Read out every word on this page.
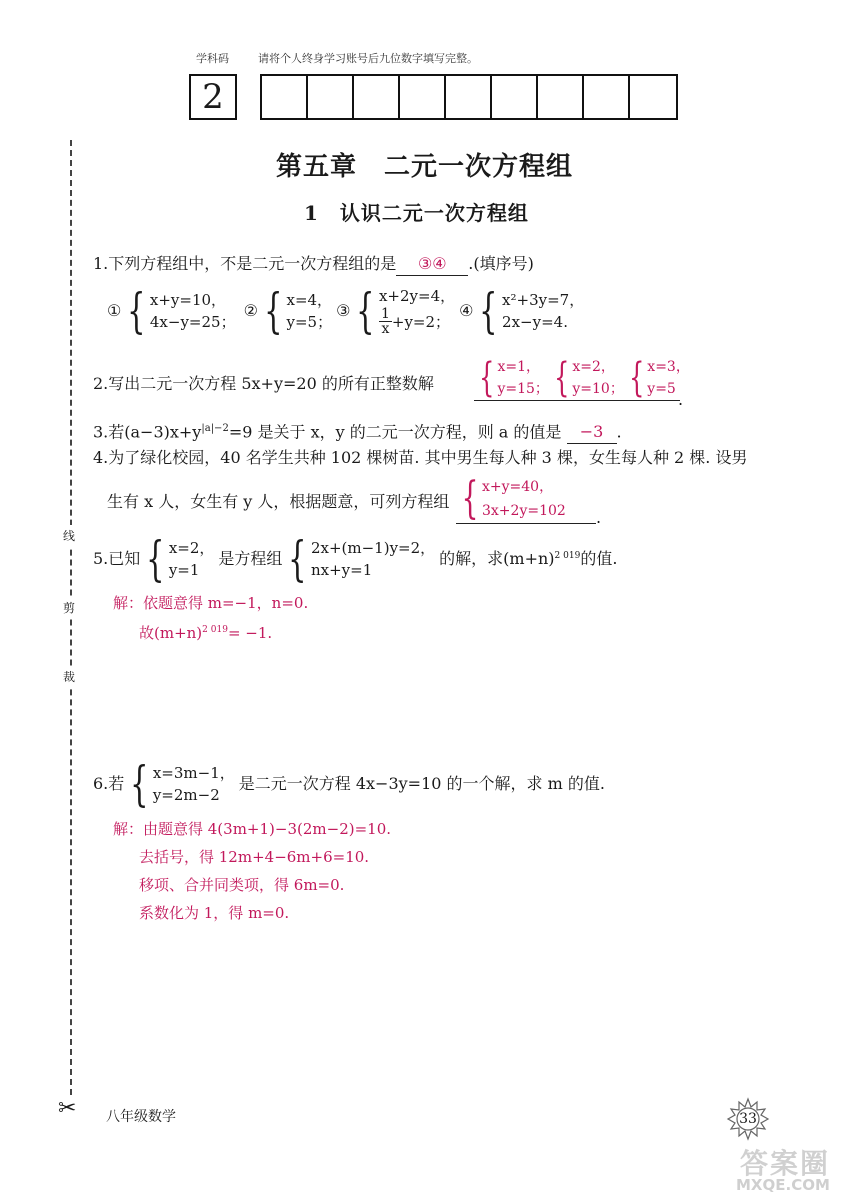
学科码	请将个人终身学习账号后九位数字填写完整。
2
线
剪
裁
✂
第五章　二元一次方程组
1　认识二元一次方程组
1.下列方程组中，不是二元一次方程组的是 ③④ .(填序号)
① { x+y=10，
4x−y=25；
② { x=4，
y=5；
③ { x+2y=4，
$\frac{1}{x} +y=2$；
④ { x²+3y=7，
2x−y=4.
2.写出二元一次方程 5x+y=20 的所有正整数解 { x=1，
y=15； { x=2，
y=10； { x=3，
y=5
.
3.若$(a-3)x+y^{|a|-2}=9$ 是关于 x，y 的二元一次方程，则 a 的值是 −3 .
4.为了绿化校园，40 名学生共种 102 棵树苗. 其中男生每人种 3 棵，女生每人种 2 棵. 设男
生有 x 人，女生有 y 人，根据题意，可列方程组 { x+y=40，
3x+2y=102 .
5.已知 { x=2，
y=1
是方程组 { 2x+(m−1)y=2，
nx+y=1
的解，求(m+n) 2 019 的值.
解：依题意得 m=−1，n=0.
故$(m+n)^{2 019}= -1$.
6.若 { x=3m−1，
y=2m−2
是二元一次方程 4x−3y=10 的一个解，求 m 的值.
解：由题意得 4(3m+1)−3(2m−2)=10.
去括号，得 12m+4−6m+6=10.
移项、合并同类项，得 6m=0.
系数化为 1，得 m=0.
八年级数学	33
答案圈
MXQE.COM
